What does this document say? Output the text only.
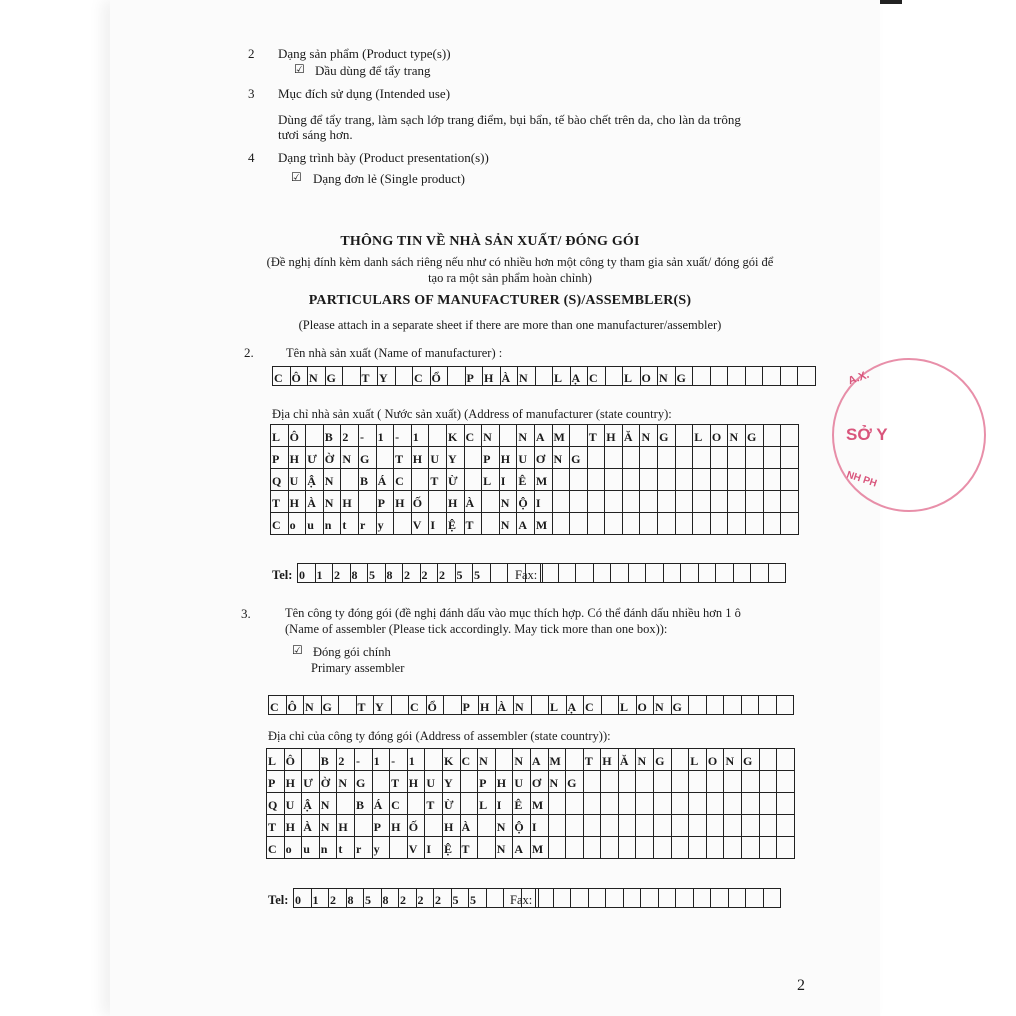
2 Dạng sản phẩm (Product type(s))
☑ Dầu dùng để tẩy trang
3 Mục đích sử dụng (Intended use)
Dùng để tẩy trang, làm sạch lớp trang điểm, bụi bẩn, tế bào chết trên da, cho làn da trông
tươi sáng hơn.
4 Dạng trình bày (Product presentation(s))
☑ Dạng đơn lẻ (Single product)
THÔNG TIN VỀ NHÀ SẢN XUẤT/ ĐÓNG GÓI
(Đề nghị đính kèm danh sách riêng nếu như có nhiều hơn một công ty tham gia sản xuất/ đóng gói để
tạo ra một sản phẩm hoàn chỉnh)
PARTICULARS OF MANUFACTURER (S)/ASSEMBLER(S)
(Please attach in a separate sheet if there are more than one manufacturer/assembler)
2.	Tên nhà sản xuất (Name of manufacturer) :
C Ô N G	T Y	C Ổ	P H À N	L Ạ C	L O N G
Địa chỉ nhà sản xuất ( Nước sản xuất) (Address of manufacturer (state country):
L Ô	B 2 -	1 -	1	K C N	N A M	T H Ă N G	L O N G
P H Ư Ờ N G	T H U Y	P H U Ơ N G
Q U Ậ N	B Á C	T Ừ	L I	Ê M
T H À N H	P H Ố	H À	N Ộ I
C o u n t	r	y	V I	Ệ T	N A M
Tel: 0 1 2 8 5 8 2 2 2 5 5	Fax:
3.	Tên công ty đóng gói (đề nghị đánh dấu vào mục thích hợp. Có thể đánh dấu nhiều hơn 1 ô
(Name of assembler (Please tick accordingly. May tick more than one box)):
☑ Đóng gói chính
Primary assembler
C Ô N G	T Y	C Ổ	P H À N	L Ạ C	L O N G
Địa chỉ của công ty đóng gói (Address of assembler (state country)):
L Ô	B 2 -	1 -	1	K C N	N A M	T H Ă N G	L O N G
P H Ư Ờ N G	T H U Y	P H U Ơ N G
Q U Ậ N	B Á C	T Ừ	L I	Ê M
T H À N H	P H Ố	H À	N Ộ I
C o u n t	r	y	V I	Ệ T	N A M
Tel: 0 1 2 8 5 8 2 2 2 5 5	Fax:
2
A.X.
SỞ Y
NH PH
